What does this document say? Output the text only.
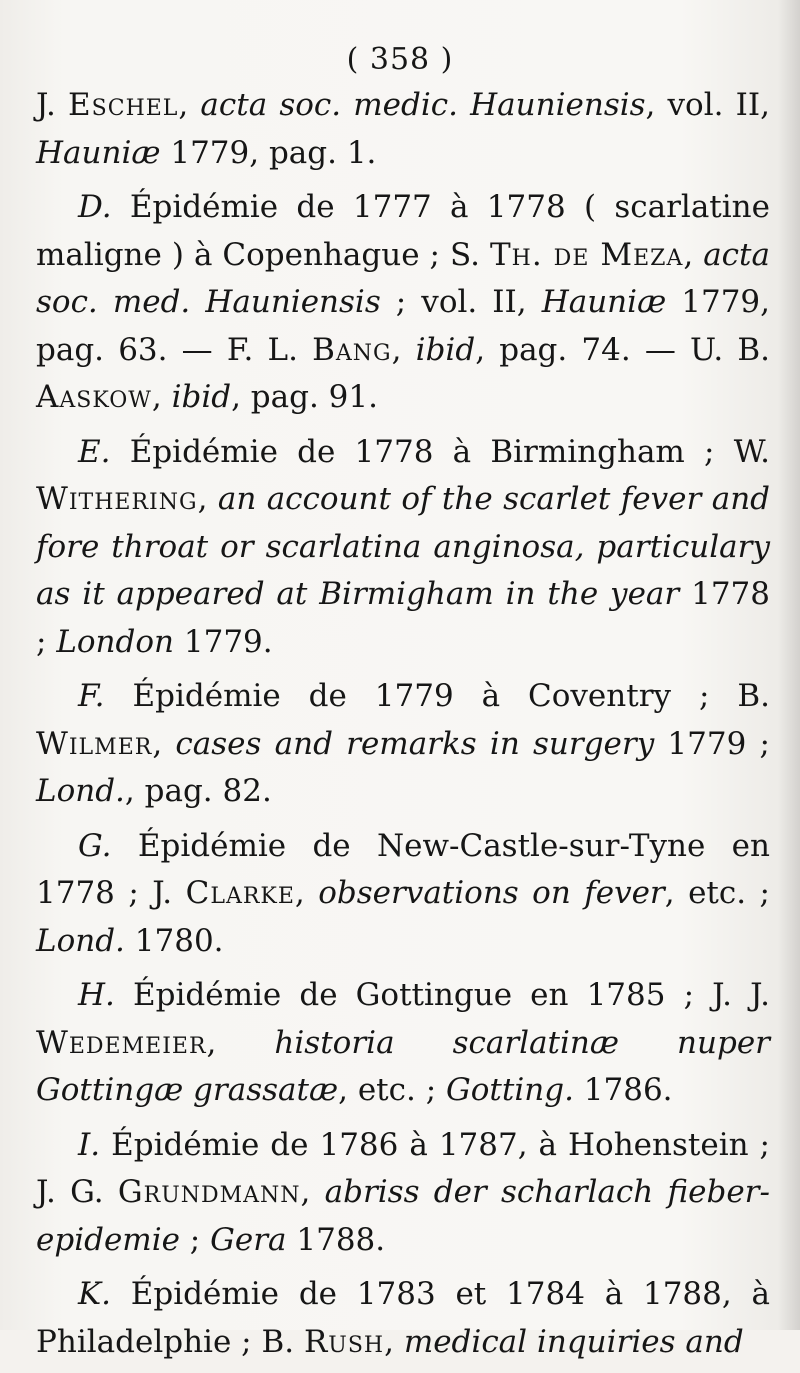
( 358 )

J. Eschel, acta soc. medic. Hauniensis, vol. II, Hauniæ 1779, pag. 1.

D. Épidémie de 1777 à 1778 ( scarlatine maligne ) à Copenhague ; S. Th. de Meza, acta soc. med. Hauniensis ; vol. II, Hauniæ 1779, pag. 63. — F. L. Bang, ibid, pag. 74. — U. B. Aaskow, ibid, pag. 91.

E. Épidémie de 1778 à Birmingham ; W. Withering, an account of the scarlet fever and fore throat or scarlatina anginosa, particulary as it appeared at Birmigham in the year 1778 ; London 1779.

F. Épidémie de 1779 à Coventry ; B. Wilmer, cases and remarks in surgery 1779 ; Lond., pag. 82.

G. Épidémie de New-Castle-sur-Tyne en 1778 ; J. Clarke, observations on fever, etc. ; Lond. 1780.

H. Épidémie de Gottingue en 1785 ; J. J. Wedemeier, historia scarlatinæ nuper Gottingæ grassatæ, etc. ; Gotting. 1786.

I. Épidémie de 1786 à 1787, à Hohenstein ; J. G. Grundmann, abriss der scharlach fieber-epidemie ; Gera 1788.

K. Épidémie de 1783 et 1784 à 1788, à Philadelphie ; B. Rush, medical inquiries and
